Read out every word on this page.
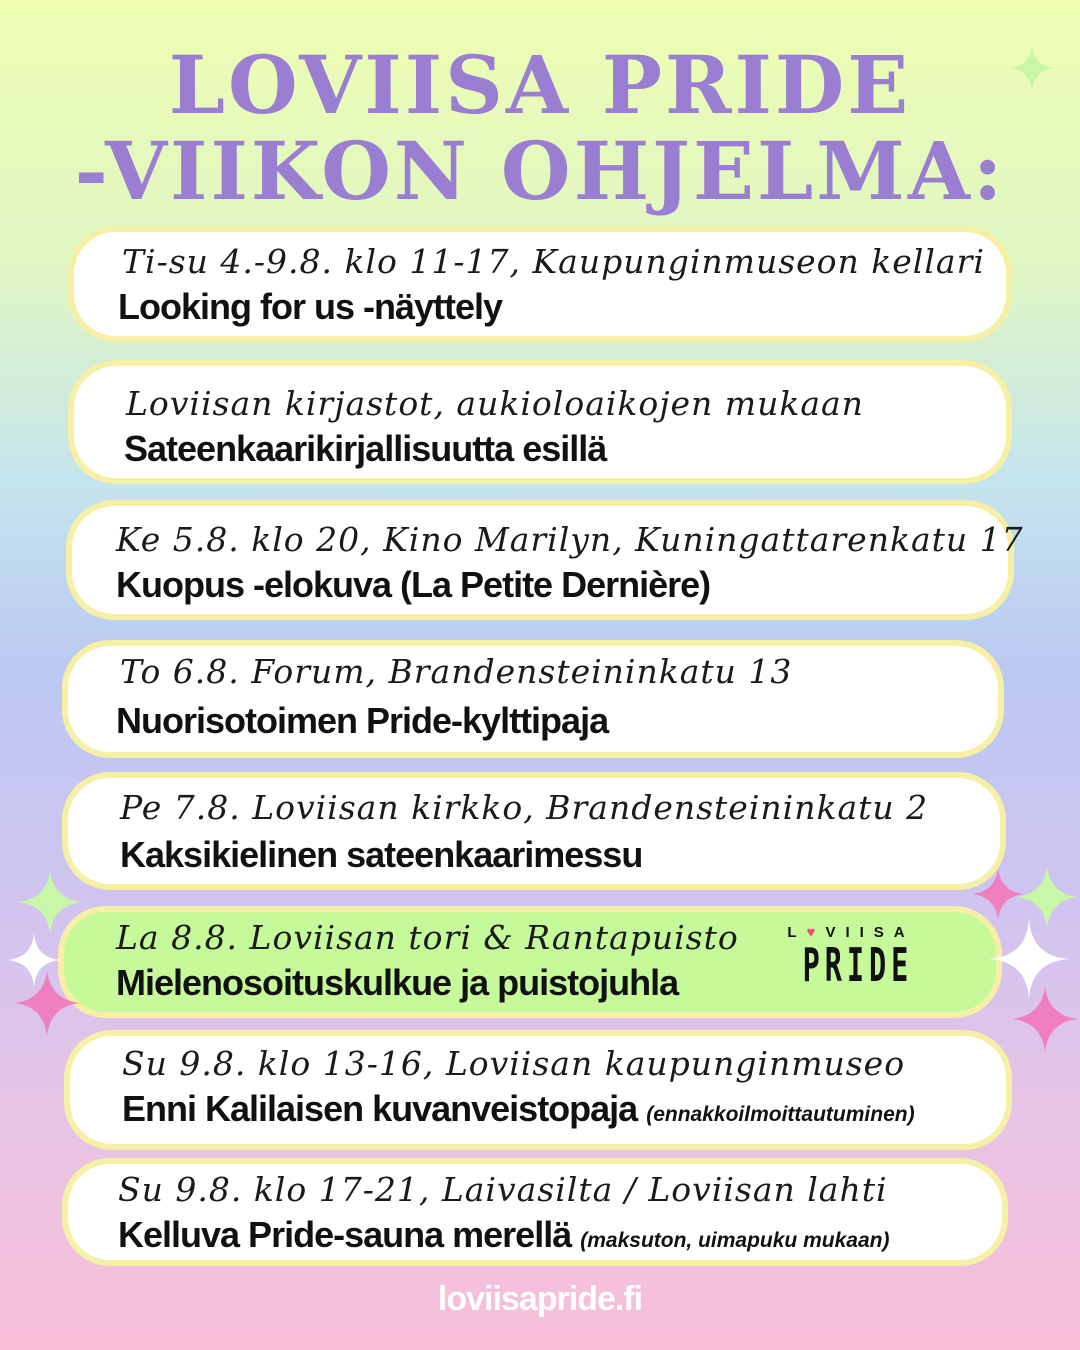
LOVIISA PRIDE
-VIIKON OHJELMA:

Ti-su 4.-9.8. klo 11-17, Kaupunginmuseon kellari

Looking for us -näyttely

Loviisan kirjastot, aukioloaikojen mukaan

Sateenkaarikirjallisuutta esillä

Ke 5.8. klo 20, Kino Marilyn, Kuningattarenkatu 17

Kuopus -elokuva (La Petite Dernière)

To 6.8. Forum, Brandensteininkatu 13

Nuorisotoimen Pride-kylttipaja

Pe 7.8. Loviisan kirkko, Brandensteininkatu 2

Kaksikielinen sateenkaarimessu

La 8.8. Loviisan tori & Rantapuisto

Mielenosoituskulkue ja puistojuhla

L♥VIISA
PRIDE

Su 9.8. klo 13-16, Loviisan kaupunginmuseo

Enni Kalilaisen kuvanveistopaja (ennakkoilmoittautuminen)

Su 9.8. klo 17-21, Laivasilta / Loviisan lahti

Kelluva Pride-sauna merellä (maksuton, uimapuku mukaan)

loviisapride.fi
